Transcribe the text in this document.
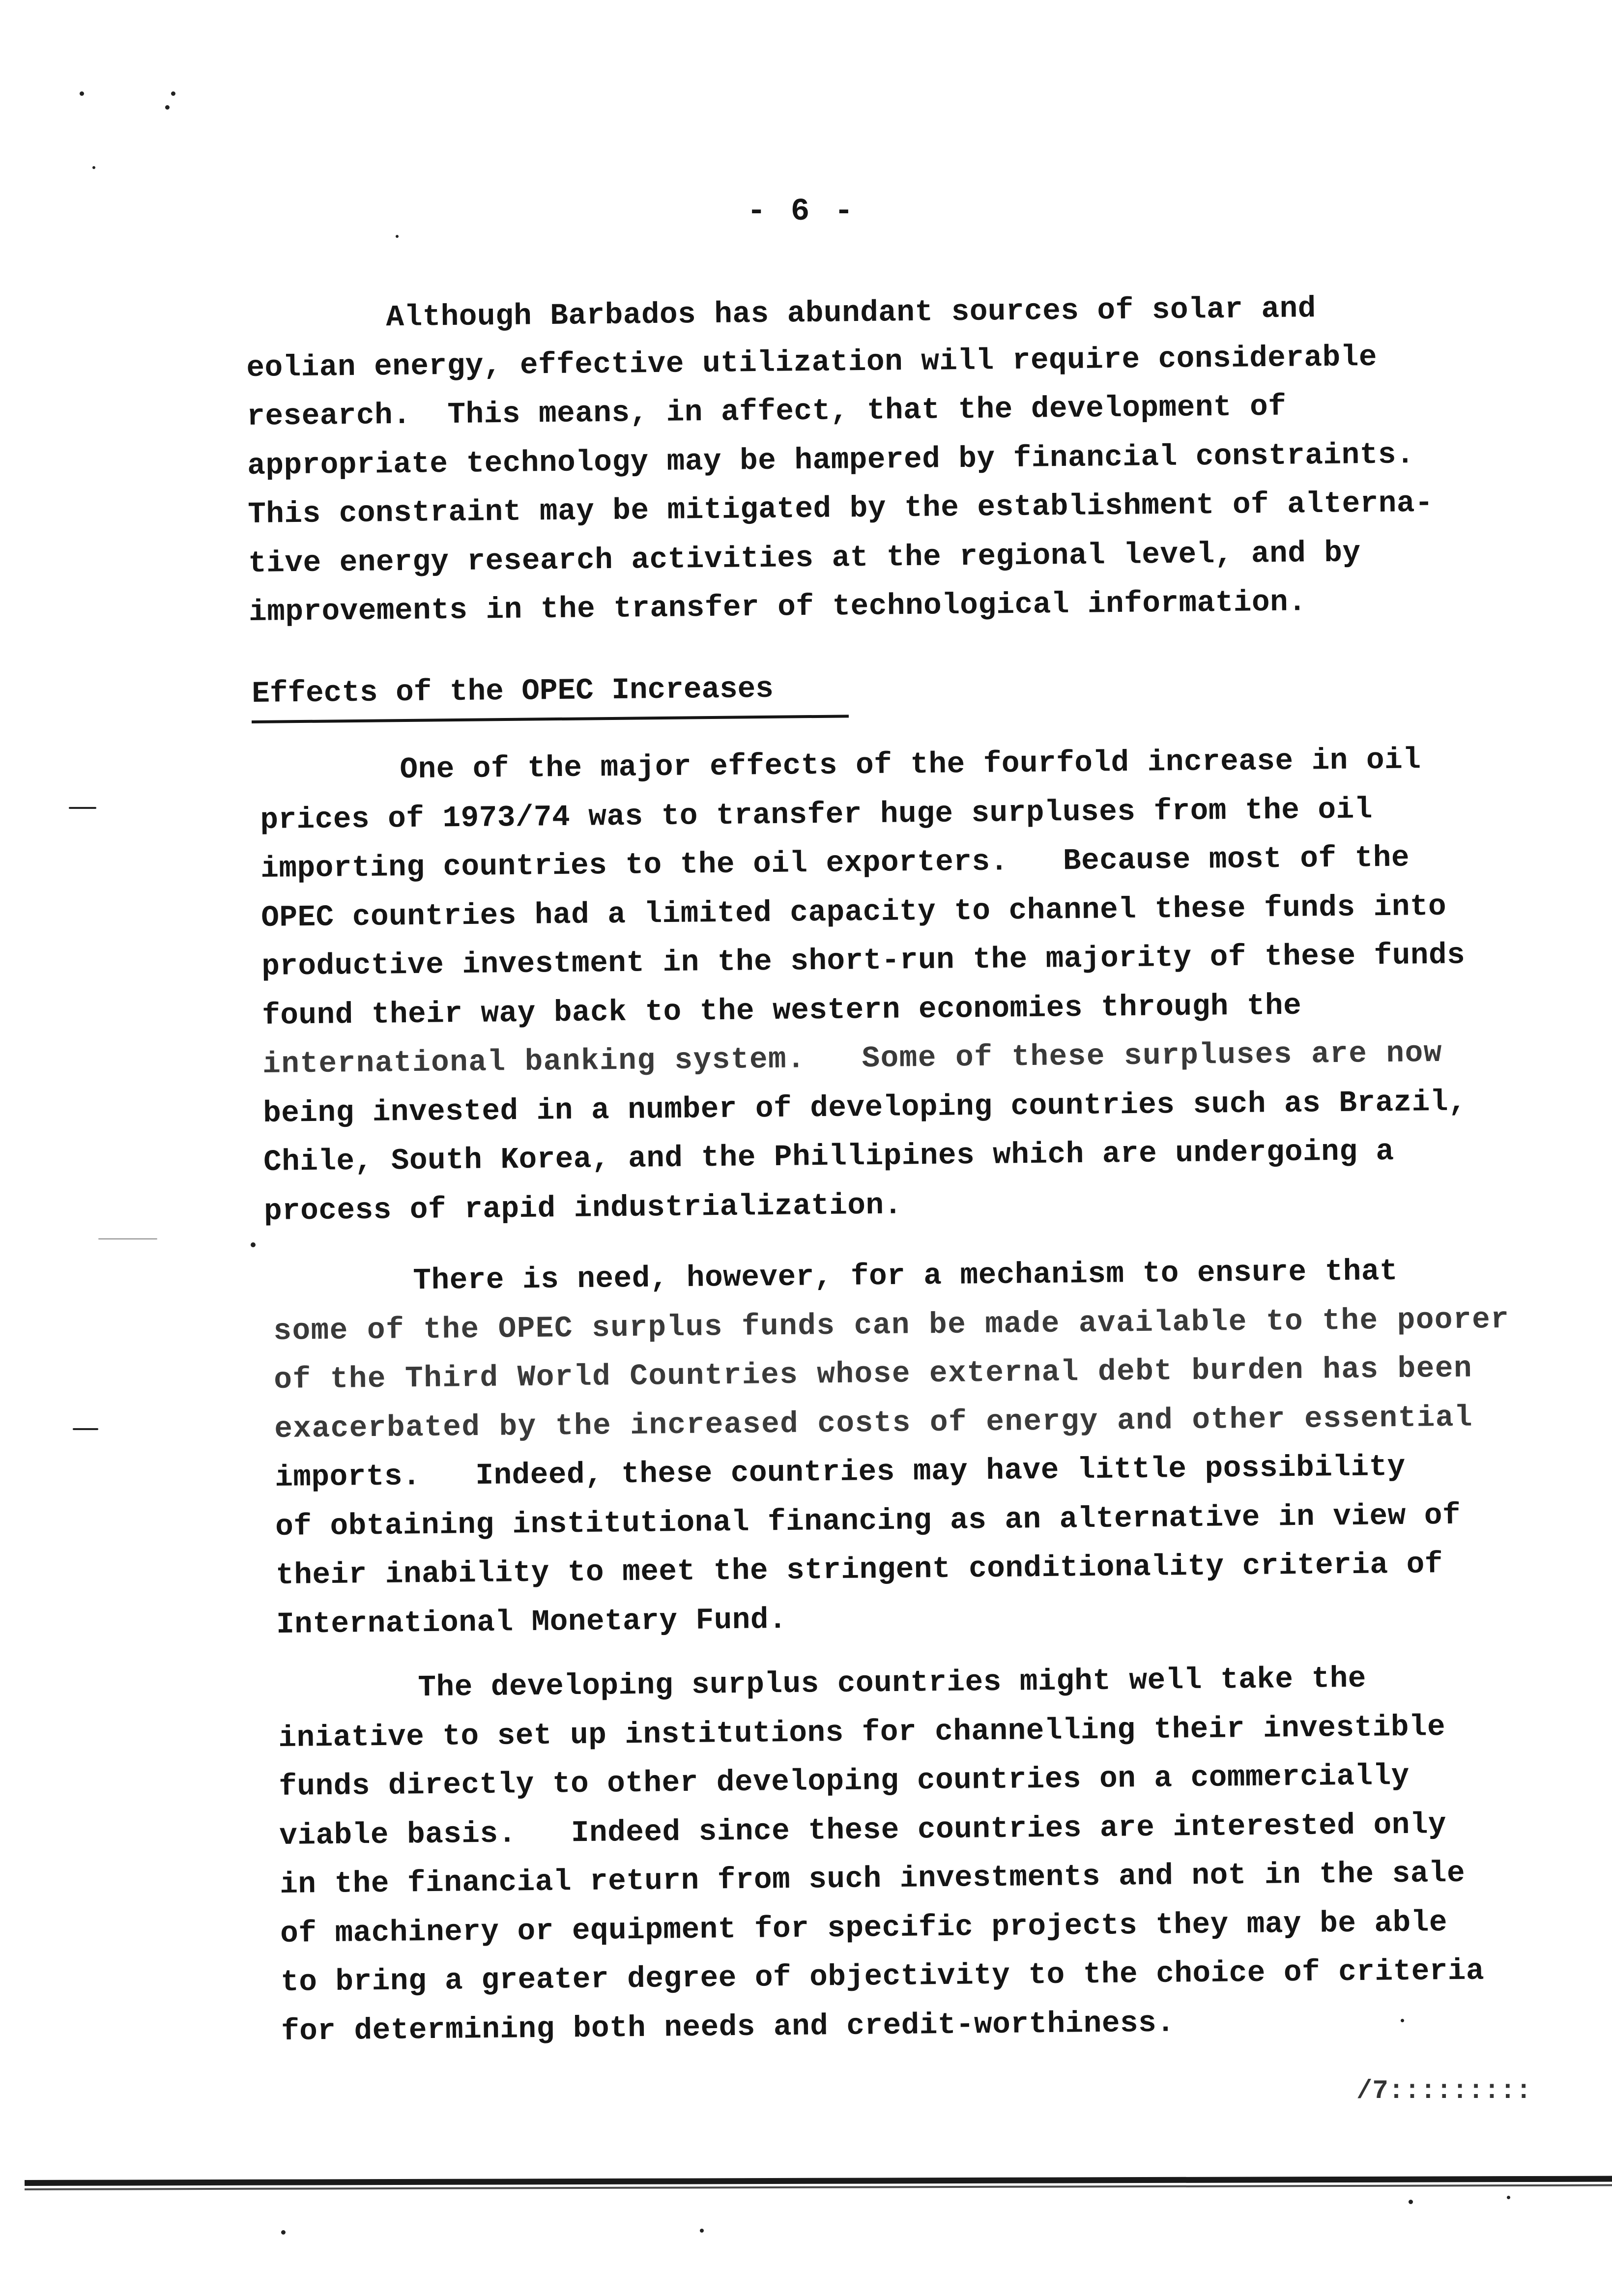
- 6 -
Although Barbados has abundant sources of solar and
eolian energy, effective utilization will require considerable
research.  This means, in affect, that the development of
appropriate technology may be hampered by financial constraints.
This constraint may be mitigated by the establishment of alterna-
tive energy research activities at the regional level, and by
improvements in the transfer of technological information.
Effects of the OPEC Increases
One of the major effects of the fourfold increase in oil
prices of 1973/74 was to transfer huge surpluses from the oil
importing countries to the oil exporters.   Because most of the
OPEC countries had a limited capacity to channel these funds into
productive investment in the short-run the majority of these funds
found their way back to the western economies through the
international banking system.   Some of these surpluses are now
being invested in a number of developing countries such as Brazil,
Chile, South Korea, and the Phillipines which are undergoing a
process of rapid industrialization.
There is need, however, for a mechanism to ensure that
some of the OPEC surplus funds can be made available to the poorer
of the Third World Countries whose external debt burden has been
exacerbated by the increased costs of energy and other essential
imports.   Indeed, these countries may have little possibility
of obtaining institutional financing as an alternative in view of
their inability to meet the stringent conditionality criteria of
International Monetary Fund.
The developing surplus countries might well take the
iniative to set up institutions for channelling their investible
funds directly to other developing countries on a commercially
viable basis.   Indeed since these countries are interested only
in the financial return from such investments and not in the sale
of machinery or equipment for specific projects they may be able
to bring a greater degree of objectivity to the choice of criteria
for determining both needs and credit-worthiness.
/7:::::::::
